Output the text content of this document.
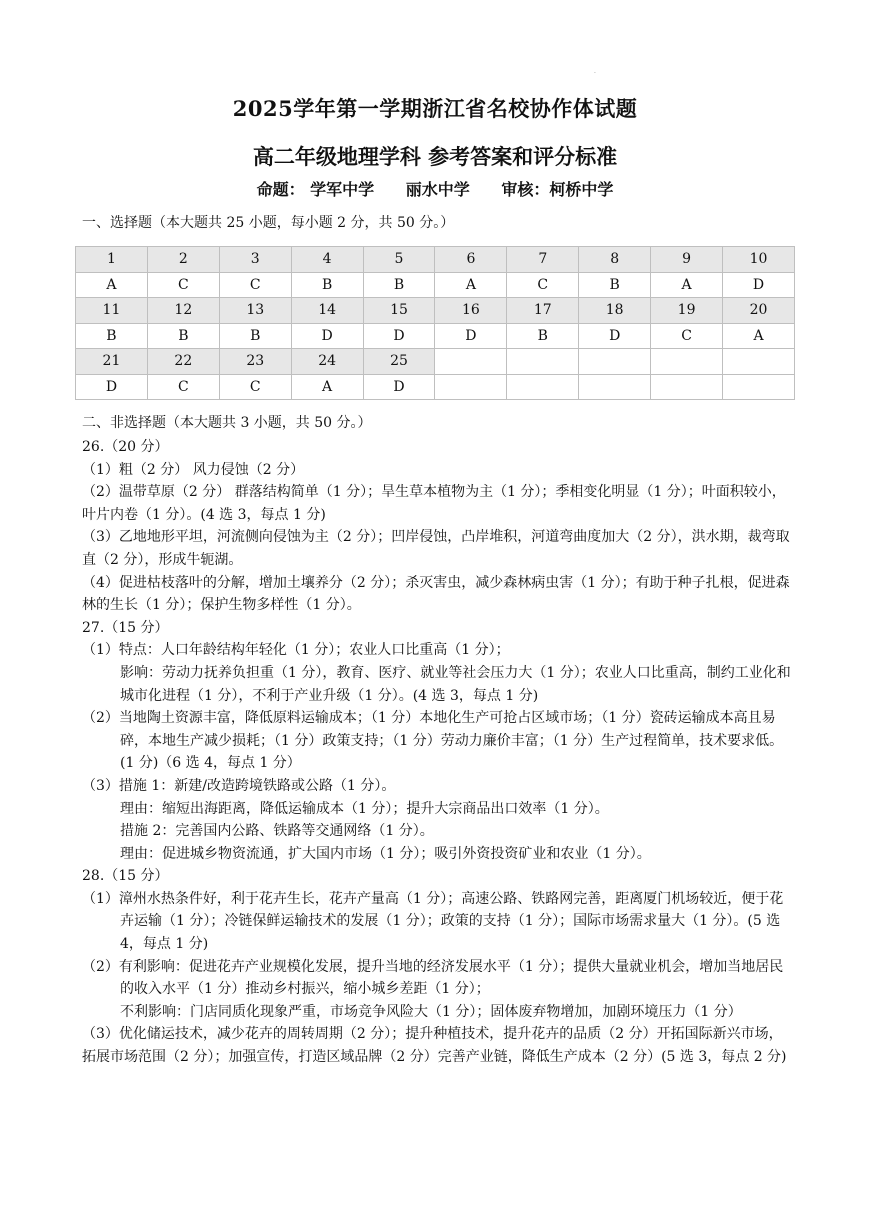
·
2025学年第一学期浙江省名校协作体试题
高二年级地理学科 参考答案和评分标准
命题： 学军中学 丽水中学 审核：柯桥中学
一、选择题（本大题共 25 小题，每小题 2 分，共 50 分。）
1	2	3	4	5	6	7	8	9	10
A	C	C	B	B	A	C	B	A	D
11	12	13	14	15	16	17	18	19	20
B	B	B	D	D	D	B	D	C	A
21	22	23	24	25					
D	C	C	A	D					
二、非选择题（本大题共 3 小题，共 50 分。）

26.（20 分）

（1）粗（2 分） 风力侵蚀（2 分）

（2）温带草原（2 分） 群落结构简单（1 分）；旱生草本植物为主（1 分）；季相变化明显（1 分）；叶面积较小，叶片内卷（1 分）。(4 选 3，每点 1 分)

（3）乙地地形平坦，河流侧向侵蚀为主（2 分）；凹岸侵蚀，凸岸堆积，河道弯曲度加大（2 分），洪水期，裁弯取直（2 分），形成牛轭湖。

（4）促进枯枝落叶的分解，增加土壤养分（2 分）；杀灭害虫，减少森林病虫害（1 分）；有助于种子扎根，促进森林的生长（1 分）；保护生物多样性（1 分）。

27.（15 分）

（1）特点：人口年龄结构年轻化（1 分）；农业人口比重高（1 分）；

影响：劳动力抚养负担重（1 分），教育、医疗、就业等社会压力大（1 分）；农业人口比重高，制约工业化和城市化进程（1 分），不利于产业升级（1 分）。(4 选 3，每点 1 分)

（2）当地陶土资源丰富，降低原料运输成本；（1 分）本地化生产可抢占区域市场；（1 分）瓷砖运输成本高且易碎，本地生产减少损耗；（1 分）政策支持；（1 分）劳动力廉价丰富；（1 分）生产过程简单，技术要求低。(1 分)（6 选 4，每点 1 分）

（3）措施 1：新建/改造跨境铁路或公路（1 分）。

理由：缩短出海距离，降低运输成本（1 分）；提升大宗商品出口效率（1 分）。

措施 2：完善国内公路、铁路等交通网络（1 分）。

理由：促进城乡物资流通，扩大国内市场（1 分）；吸引外资投资矿业和农业（1 分）。

28.（15 分）

（1）漳州水热条件好，利于花卉生长，花卉产量高（1 分）；高速公路、铁路网完善，距离厦门机场较近，便于花卉运输（1 分）；冷链保鲜运输技术的发展（1 分）；政策的支持（1 分）；国际市场需求量大（1 分）。(5 选 4，每点 1 分)

（2）有利影响：促进花卉产业规模化发展，提升当地的经济发展水平（1 分）；提供大量就业机会，增加当地居民的收入水平（1 分）推动乡村振兴，缩小城乡差距（1 分）；

不利影响：门店同质化现象严重，市场竞争风险大（1 分）；固体废弃物增加，加剧环境压力（1 分）

（3）优化储运技术，减少花卉的周转周期（2 分）；提升种植技术，提升花卉的品质（2 分）开拓国际新兴市场，拓展市场范围（2 分）；加强宣传，打造区域品牌（2 分）完善产业链，降低生产成本（2 分）(5 选 3，每点 2 分)
